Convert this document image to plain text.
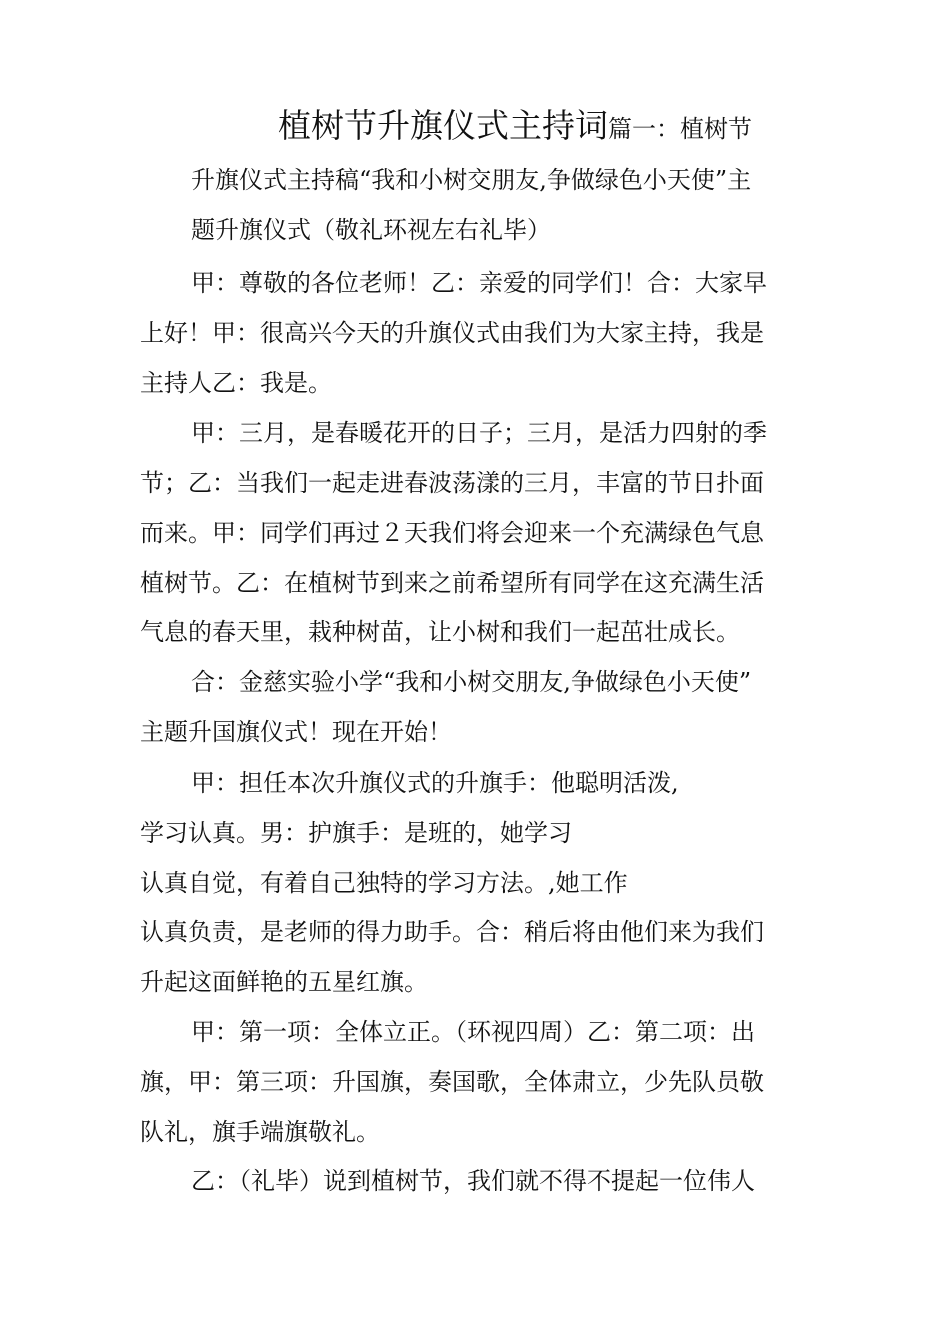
植树节升旗仪式主持词篇一：植树节
升旗仪式主持稿“我和小树交朋友,争做绿色小天使”主
题升旗仪式（敬礼环视左右礼毕）
甲：尊敬的各位老师！乙：亲爱的同学们！合：大家早
上好！甲：很高兴今天的升旗仪式由我们为大家主持，我是
主持人乙：我是。
甲：三月，是春暖花开的日子；三月，是活力四射的季
节；乙：当我们一起走进春波荡漾的三月，丰富的节日扑面
而来。甲：同学们再过２天我们将会迎来一个充满绿色气息
植树节。乙：在植树节到来之前希望所有同学在这充满生活
气息的春天里，栽种树苗，让小树和我们一起茁壮成长。
合：金慈实验小学“我和小树交朋友,争做绿色小天使”
主题升国旗仪式！现在开始！
甲：担任本次升旗仪式的升旗手：他聪明活泼,
学习认真。男：护旗手：是班的，她学习
认真自觉，有着自己独特的学习方法。,她工作
认真负责，是老师的得力助手。合：稍后将由他们来为我们
升起这面鲜艳的五星红旗。
甲：第一项：全体立正。（环视四周）乙：第二项：出
旗，甲：第三项：升国旗，奏国歌，全体肃立，少先队员敬
队礼，旗手端旗敬礼。
乙：（礼毕）说到植树节，我们就不得不提起一位伟人
